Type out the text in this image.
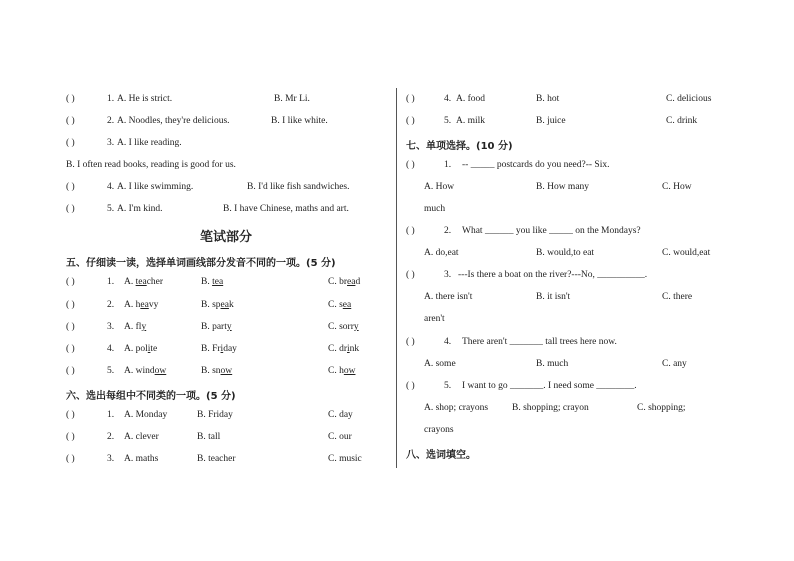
( )	1. A. He is strict.	B. Mr Li.
( )	2. A. Noodles, they're delicious.	B. I like white.
( )	3. A. I like reading.
B. I often read books, reading is good for us.
( )	4. A. I like swimming.	B. I'd like fish sandwiches.
( )	5. A. I'm kind.	B. I have Chinese, maths and art.
笔试部分
五、仔细读一读，选择单词画线部分发音不同的一项。(5 分)
( )	1. A. teacher	B. tea	C. bread
( )	2. A. heavy	B. speak	C. sea
( )	3. A. fly	B. party	C. sorry
( )	4. A. polite	B. Friday	C. drink
( )	5. A. window	B. snow	C. how
六、选出每组中不同类的一项。(5 分)
( )	1. A. Monday	B. Friday	C. day
( )	2. A. clever	B. tall	C. our
( )	3. A. maths	B. teacher	C. music
( )	4. A. food	B. hot	C. delicious
( )	5. A. milk	B. juice	C. drink
七、单项选择。(10 分)
( )	1. -- _____ postcards do you need?-- Six.
A. How	B. How many	C. How
much
( )	2. What ______ you like _____ on the Mondays?
A. do,eat	B. would,to eat	C. would,eat
( )	3. ---Is there a boat on the river?---No, __________.
A. there isn't	B. it isn't	C. there
aren't
( )	4. There aren't _______ tall trees here now.
A. some	B. much	C. any
( )	5. I want to go _______. I need some ________.
A. shop; crayons	B. shopping; crayon	C. shopping;
crayons
八、选词填空。
